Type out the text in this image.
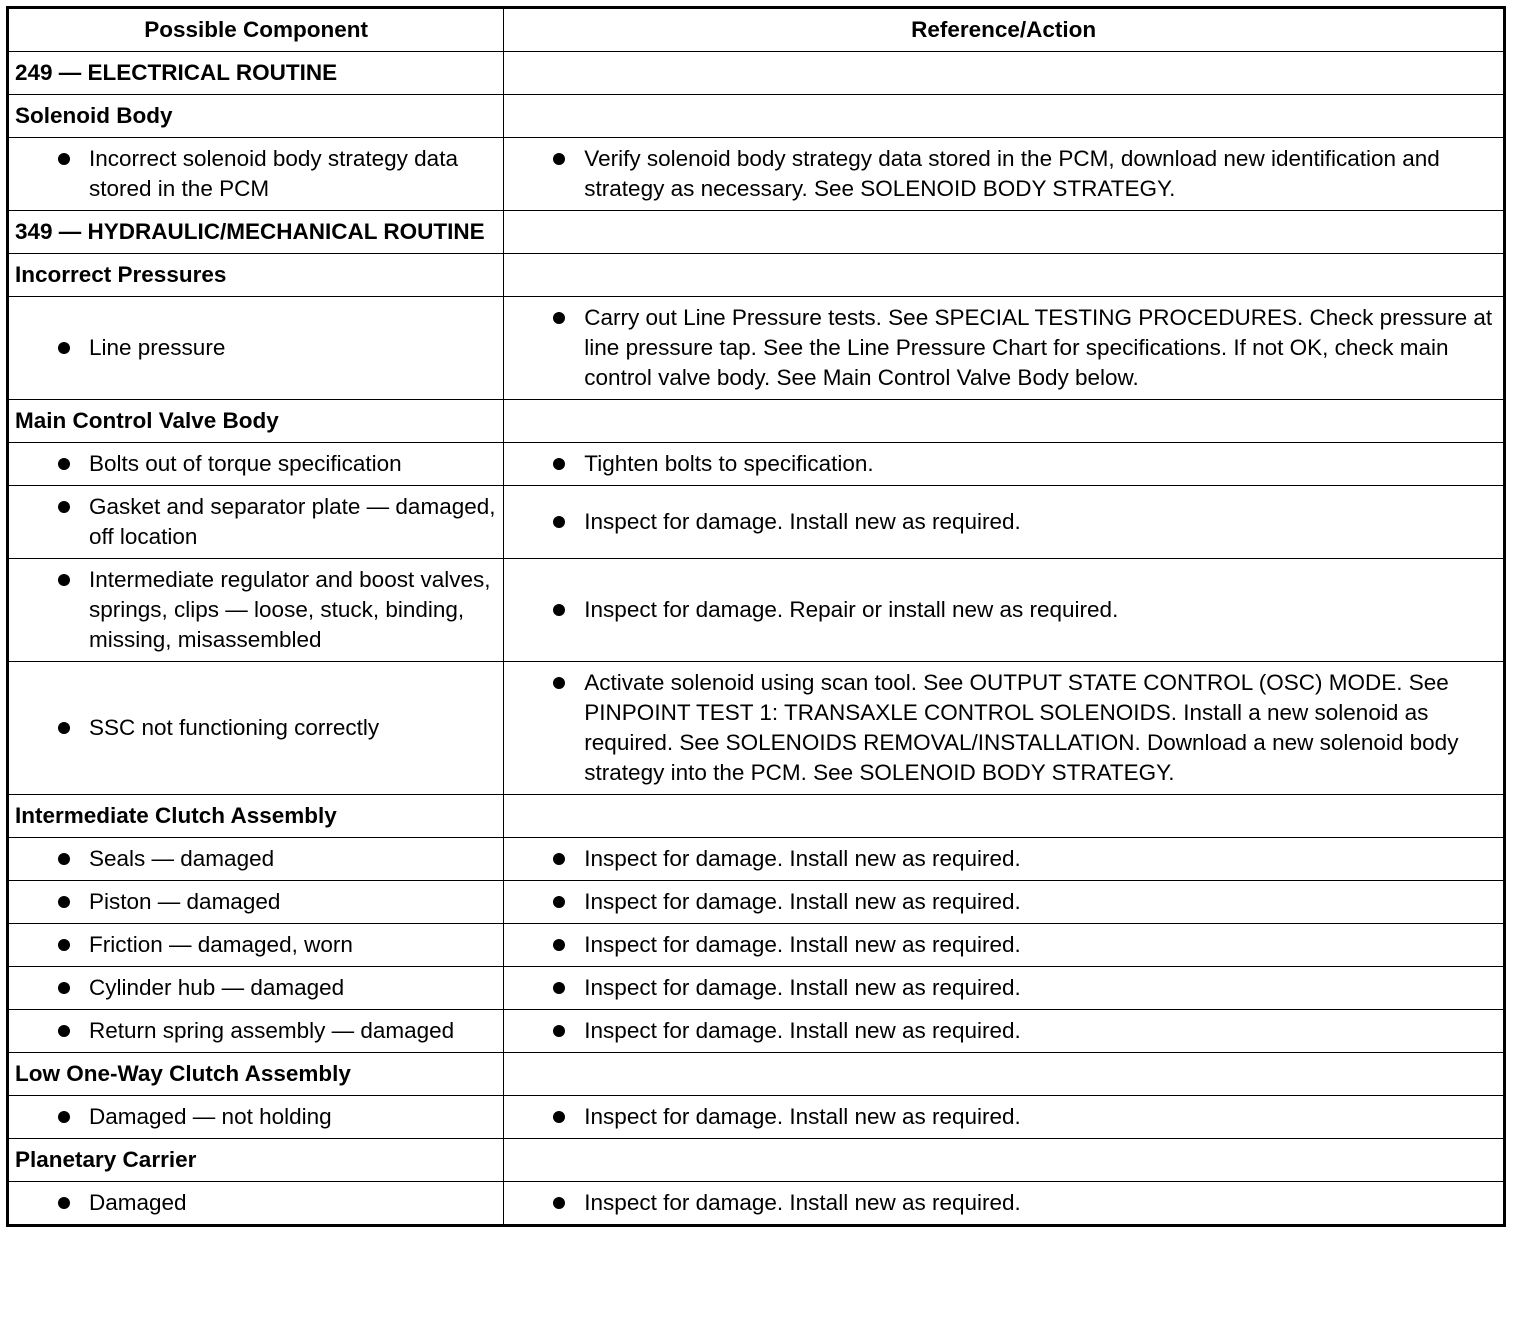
Possible Component	Reference/Action
249 — ELECTRICAL ROUTINE	
Solenoid Body	

Incorrect solenoid body strategy data stored in the PCM	Verify solenoid body strategy data stored in the PCM, download new identification and strategy as necessary. See SOLENOID BODY STRATEGY.

349 — HYDRAULIC/MECHANICAL ROUTINE	
Incorrect Pressures	

Line pressure	Carry out Line Pressure tests. See SPECIAL TESTING PROCEDURES. Check pressure at line pressure tap. See the Line Pressure Chart for specifications. If not OK, check main control valve body. See Main Control Valve Body below.

Main Control Valve Body	

Bolts out of torque specification	Tighten bolts to specification.

Gasket and separator plate — damaged, off location	Inspect for damage. Install new as required.

Intermediate regulator and boost valves, springs, clips — loose, stuck, binding, missing, misassembled	Inspect for damage. Repair or install new as required.

SSC not functioning correctly	Activate solenoid using scan tool. See OUTPUT STATE CONTROL (OSC) MODE. See PINPOINT TEST 1: TRANSAXLE CONTROL SOLENOIDS. Install a new solenoid as required. See SOLENOIDS REMOVAL/INSTALLATION. Download a new solenoid body strategy into the PCM. See SOLENOID BODY STRATEGY.

Intermediate Clutch Assembly	

Seals — damaged	Inspect for damage. Install new as required.

Piston — damaged	Inspect for damage. Install new as required.

Friction — damaged, worn	Inspect for damage. Install new as required.

Cylinder hub — damaged	Inspect for damage. Install new as required.

Return spring assembly — damaged	Inspect for damage. Install new as required.

Low One-Way Clutch Assembly	

Damaged — not holding	Inspect for damage. Install new as required.

Planetary Carrier	

Damaged	Inspect for damage. Install new as required.
